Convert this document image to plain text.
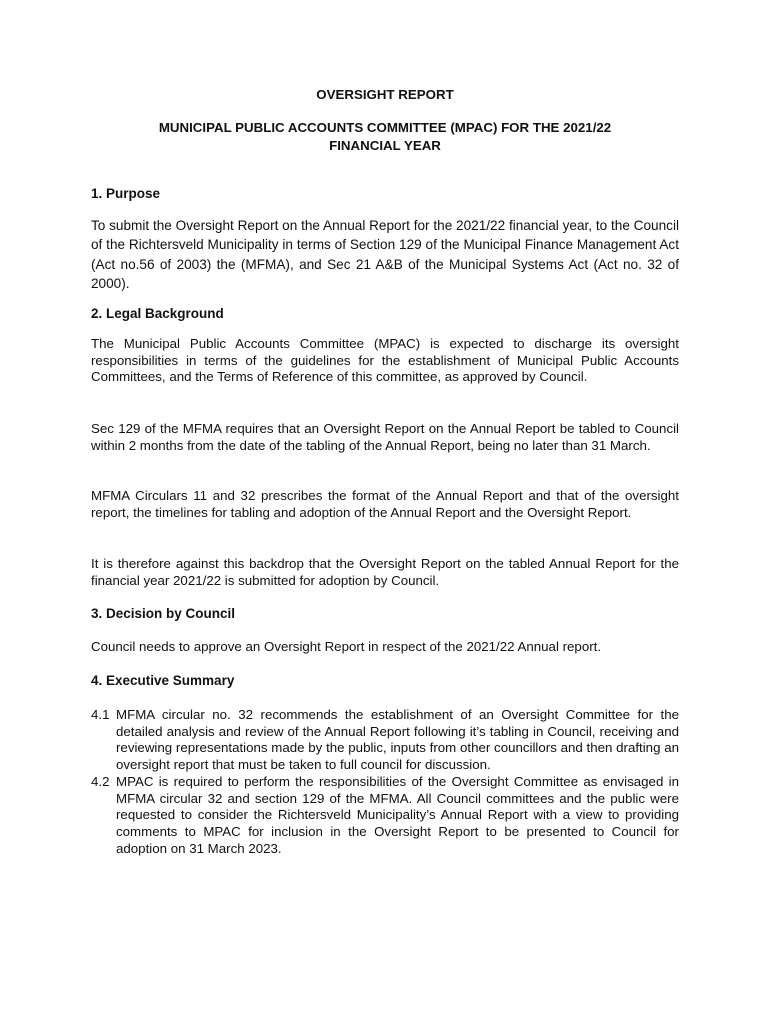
OVERSIGHT REPORT
MUNICIPAL PUBLIC ACCOUNTS COMMITTEE (MPAC) FOR THE 2021/22
FINANCIAL YEAR
1. Purpose
To submit the Oversight Report on the Annual Report for the 2021/22 financial year, to the Council of the Richtersveld Municipality in terms of Section 129 of the Municipal Finance Management Act (Act no.56 of 2003) the (MFMA), and Sec 21 A&B of the Municipal Systems Act (Act no. 32 of 2000).
2. Legal Background
The Municipal Public Accounts Committee (MPAC) is expected to discharge its oversight responsibilities in terms of the guidelines for the establishment of Municipal Public Accounts Committees, and the Terms of Reference of this committee, as approved by Council.
Sec 129 of the MFMA requires that an Oversight Report on the Annual Report be tabled to Council within 2 months from the date of the tabling of the Annual Report, being no later than 31 March.
MFMA Circulars 11 and 32 prescribes the format of the Annual Report and that of the oversight report, the timelines for tabling and adoption of the Annual Report and the Oversight Report.
It is therefore against this backdrop that the Oversight Report on the tabled Annual Report for the financial year 2021/22 is submitted for adoption by Council.
3. Decision by Council
Council needs to approve an Oversight Report in respect of the 2021/22 Annual report.
4. Executive Summary
4.1 MFMA circular no. 32 recommends the establishment of an Oversight Committee for the detailed analysis and review of the Annual Report following it’s tabling in Council, receiving and reviewing representations made by the public, inputs from other councillors and then drafting an oversight report that must be taken to full council for discussion.
4.2 MPAC is required to perform the responsibilities of the Oversight Committee as envisaged in MFMA circular 32 and section 129 of the MFMA. All Council committees and the public were requested to consider the Richtersveld Municipality’s Annual Report with a view to providing comments to MPAC for inclusion in the Oversight Report to be presented to Council for adoption on 31 March 2023.
